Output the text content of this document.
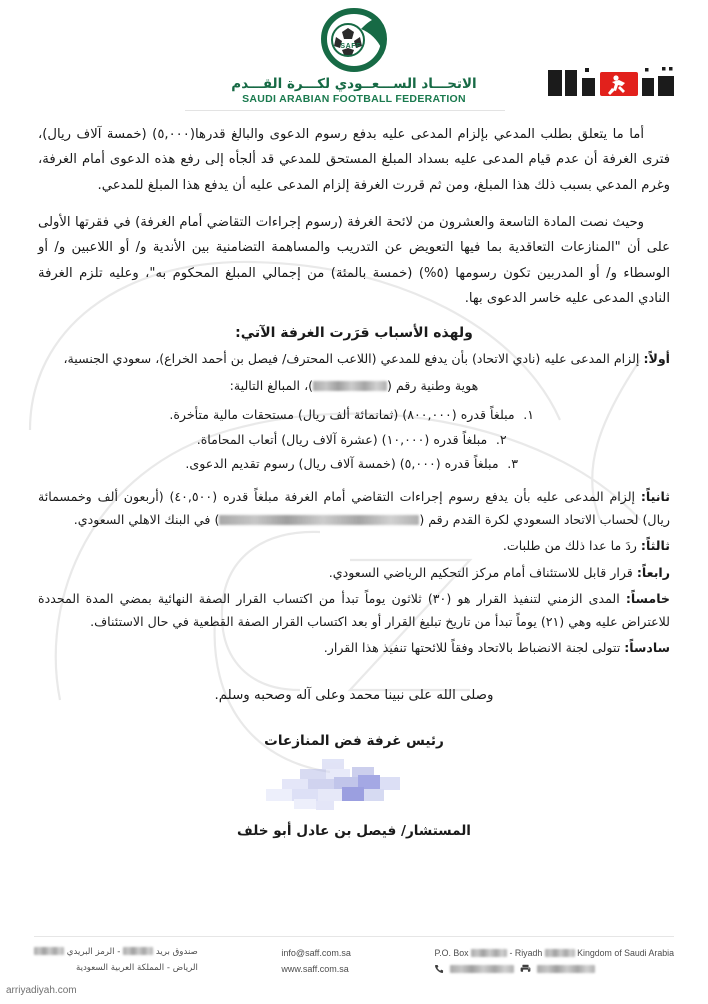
SAFF
الاتحـــاد الســـعــودي لكـــرة القـــدم
SAUDI ARABIAN FOOTBALL FEDERATION

أما ما يتعلق بطلب المدعي بإلزام المدعى عليه بدفع رسوم الدعوى والبالغ قدرها(٥,٠٠٠) (خمسة آلاف ريال)، فترى الغرفة أن عدم قيام المدعى عليه بسداد المبلغ المستحق للمدعي قد ألجأه إلى رفع هذه الدعوى أمام الغرفة، وغرم المدعي بسبب ذلك هذا المبلغ، ومن ثم قررت الغرفة إلزام المدعى عليه أن يدفع هذا المبلغ للمدعي.

وحيث نصت المادة التاسعة والعشرون من لائحة الغرفة (رسوم إجراءات التقاضي أمام الغرفة) في فقرتها الأولى على أن "المنازعات التعاقدية بما فيها التعويض عن التدريب والمساهمة التضامنية بين الأندية و/ أو اللاعبين و/ أو الوسطاء و/ أو المدربين تكون رسومها (٥%) (خمسة بالمئة) من إجمالي المبلغ المحكوم به"، وعليه تلزم الغرفة النادي المدعى عليه خاسر الدعوى بها.

ولهذه الأسباب قرَرت الغرفة الآتي:

أولاً: إلزام المدعى عليه (نادي الاتحاد) بأن يدفع للمدعي (اللاعب المحترف/ فيصل بن أحمد الخراع)، سعودي الجنسية،

هوية وطنية رقم ()، المبالغ التالية:

١. مبلغاً قدره (٨٠٠,٠٠٠) (ثمانمائة ألف ريال) مستحقات مالية متأخرة.
٢. مبلغاً قدره (١٠,٠٠٠) (عشرة آلاف ريال) أتعاب المحاماة.
٣. مبلغاً قدره (٥,٠٠٠) (خمسة آلاف ريال) رسوم تقديم الدعوى.

ثانياً: إلزام المدعى عليه بأن يدفع رسوم إجراءات التقاضي أمام الغرفة مبلغاً قدره (٤٠,٥٠٠) (أربعون ألف وخمسمائة ريال) لحساب الاتحاد السعودي لكرة القدم رقم () في البنك الاهلي السعودي.

ثالثاً: ردَ ما عدا ذلك من طلبات.

رابعاً: قرار قابل للاستئناف أمام مركز التحكيم الرياضي السعودي.

خامساً: المدى الزمني لتنفيذ القرار هو (٣٠) ثلاثون يوماً تبدأ من اكتساب القرار الصفة النهائية بمضي المدة المحددة للاعتراض عليه وهي (٢١) يوماً تبدأ من تاريخ تبليغ القرار أو بعد اكتساب القرار الصفة القطعية في حال الاستئناف.

سادساً: تتولى لجنة الانضباط بالاتحاد وفقاً للائحتها تنفيذ هذا القرار.

وصلى الله على نبينا محمد وعلى آله وصحبه وسلم.
رئيس غرفة فض المنازعات
المستشار/ فيصل بن عادل أبو خلف
صندوق بريد  - الرمز البريدي
الرياض - المملكة العربية السعودية
info@saff.com.sa
www.saff.com.sa
P.O. Box	- Riyadh	Kingdom of Saudi Arabia
arriyadiyah.com
